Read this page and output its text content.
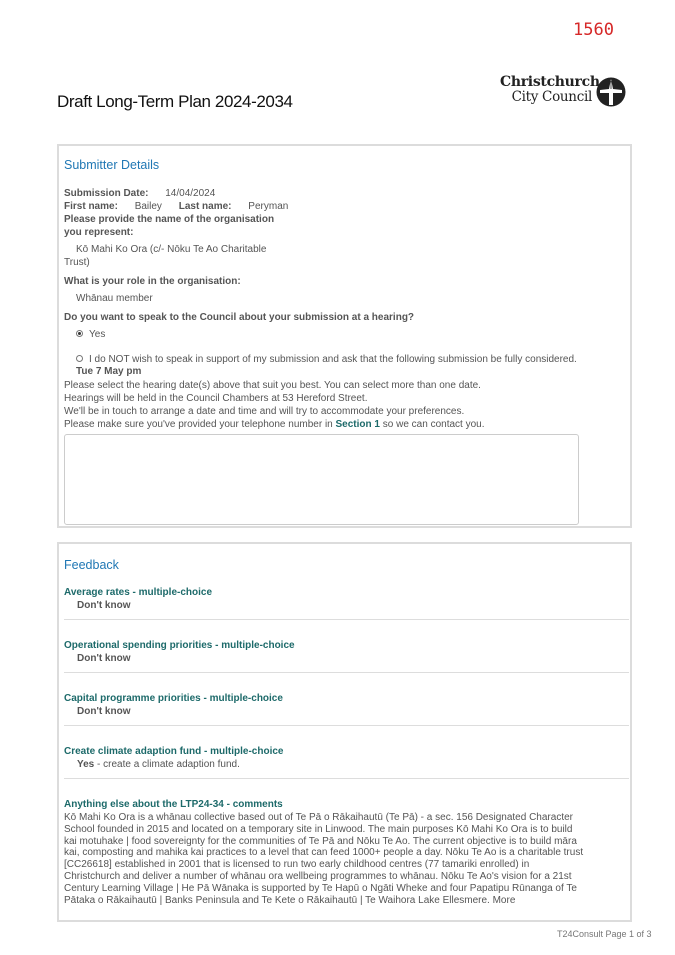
1560
Draft Long-Term Plan 2024-2034
Christchurch
City Council
Submitter Details
Submission Date: 14/04/2024
First name: Bailey Last name: Peryman
Please provide the name of the organisation
you represent:
Kō Mahi Ko Ora (c/- Nōku Te Ao Charitable
Trust)
What is your role in the organisation:
Whānau member
Do you want to speak to the Council about your submission at a hearing?
Yes
I do NOT wish to speak in support of my submission and ask that the following submission be fully considered.
Tue 7 May pm
Please select the hearing date(s) above that suit you best. You can select more than one date.
Hearings will be held in the Council Chambers at 53 Hereford Street.
We'll be in touch to arrange a date and time and will try to accommodate your preferences.
Please make sure you've provided your telephone number in Section 1 so we can contact you.
Feedback
Average rates - multiple-choice
Don't know
Operational spending priorities - multiple-choice
Don't know
Capital programme priorities - multiple-choice
Don't know
Create climate adaption fund - multiple-choice
Yes - create a climate adaption fund.
Anything else about the LTP24-34 - comments
Kō Mahi Ko Ora is a whānau collective based out of Te Pā o Rākaihautū (Te Pā) - a sec. 156 Designated Character School founded in 2015 and located on a temporary site in Linwood. The main purposes Kō Mahi Ko Ora is to build kai motuhake | food sovereignty for the communities of Te Pā and Nōku Te Ao. The current objective is to build māra kai, composting and mahika kai practices to a level that can feed 1000+ people a day. Nōku Te Ao is a charitable trust [CC26618] established in 2001 that is licensed to run two early childhood centres (77 tamariki enrolled) in Christchurch and deliver a number of whānau ora wellbeing programmes to whānau. Nōku Te Ao's vision for a 21st Century Learning Village | He Pā Wānaka is supported by Te Hapū o Ngāti Wheke and four Papatipu Rūnanga of Te Pātaka o Rākaihautū | Banks Peninsula and Te Kete o Rākaihautū | Te Waihora Lake Ellesmere. More
T24Consult Page 1 of 3
